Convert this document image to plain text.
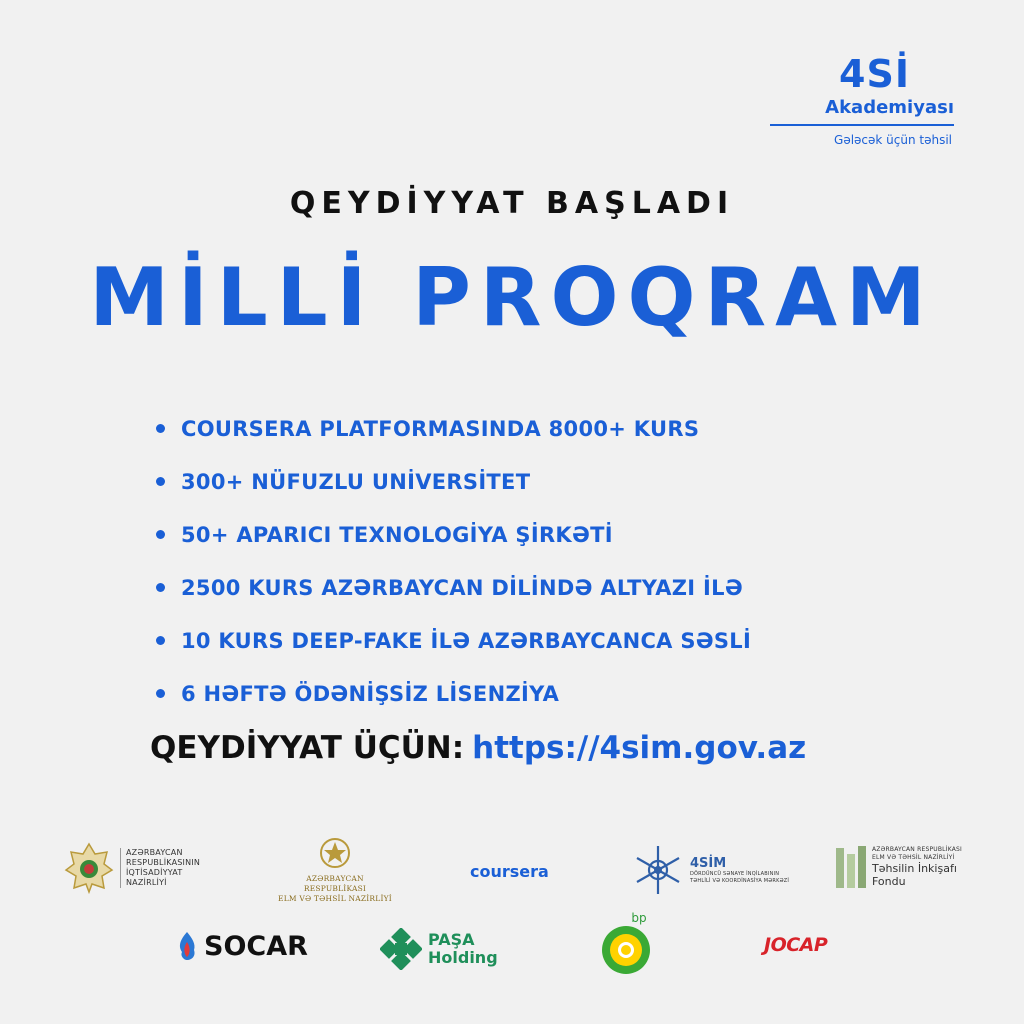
4Sİ
Akademiyası
Gələcək üçün təhsil
QEYDİYYAT BAŞLADI
MİLLİ PROQRAM
COURSERA PLATFORMASINDA 8000+ KURS
300+ NÜFUZLU UNİVERSİTET
50+ APARICI TEXNOLOGİYA ŞİRKƏTİ
2500 KURS AZƏRBAYCAN DİLİNDƏ ALTYAZI İLƏ
10 KURS DEEP-FAKE İLƏ AZƏRBAYCANCA SƏSLİ
6 HƏFTƏ ÖDƏNİŞSİZ LİSENZİYA
QEYDİYYAT ÜÇÜN: https://4sim.gov.az
AZƏRBAYCAN
RESPUBLİKASININ
İQTİSADİYYAT
NAZİRLİYİ	AZƏRBAYCAN RESPUBLİKASI
ELM VƏ TƏHSİL NAZİRLİYİ
coursera	4SİM
DÖRDÜNCÜ SƏNAYE İNQİLABININ
TƏHLİLİ VƏ KOORDİNASİYA MƏRKƏZİ
AZƏRBAYCAN RESPUBLİKASI
ELM VƏ TƏHSİL NAZİRLİYİ
Təhsilin İnkişafı
Fondu
SOCAR	PAŞA
Holding
bp
JOCAP
